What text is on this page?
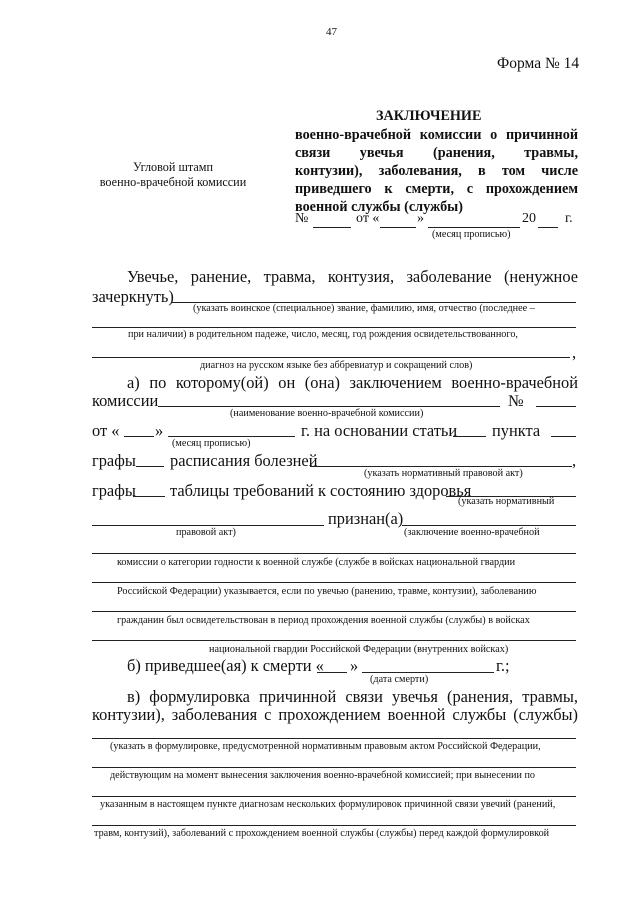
47
Форма № 14
Угловой штамп
военно-врачебной комиссии
ЗАКЛЮЧЕНИЕ
военно-врачебной комиссии о причинной
связи увечья (ранения, травмы,
контузии), заболевания, в том числе
приведшего к смерти, с прохождением
военной службы (службы)
№	от «	»	20 г.
(месяц прописью)
Увечье, ранение, травма, контузия, заболевание (ненужное
зачеркнуть)
(указать воинское (специальное) звание, фамилию, имя, отчество (последнее –
при наличии) в родительном падеже, число, месяц, год рождения освидетельствованного,
,
диагноз на русском языке без аббревиатур и сокращений слов)
а) по которому(ой) он (она) заключением военно-врачебной
комиссии	№
(наименование военно-врачебной комиссии)
от « »	г. на основании статьи пункта
(месяц прописью)
графы расписания болезней	,
(указать нормативный правовой акт)
графы таблицы требований к состоянию здоровья
(указать нормативный
признан(а)
правовой акт)	(заключение военно-врачебной
комиссии о категории годности к военной службе (службе в войсках национальной гвардии
Российской Федерации) указывается, если по увечью (ранению, травме, контузии), заболеванию
гражданин был освидетельствован в период прохождения военной службы (службы) в войсках
национальной гвардии Российской Федерации (внутренних войсках)
б) приведшее(ая) к смерти « »	г.;
(дата смерти)
в) формулировка причинной связи увечья (ранения, травмы,
контузии), заболевания с прохождением военной службы (службы)
(указать в формулировке, предусмотренной нормативным правовым актом Российской Федерации,
действующим на момент вынесения заключения военно-врачебной комиссией; при вынесении по
указанным в настоящем пункте диагнозам нескольких формулировок причинной связи увечий (ранений,
травм, контузий), заболеваний с прохождением военной службы (службы) перед каждой формулировкой
